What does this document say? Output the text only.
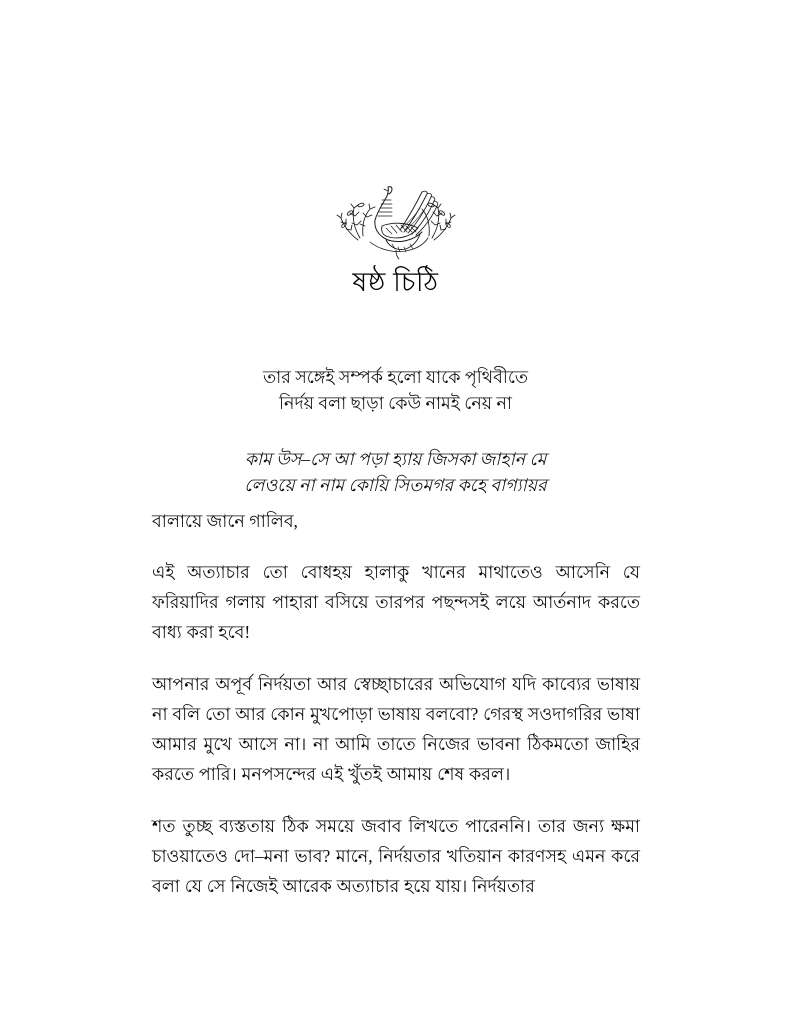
ষষ্ঠ চিঠি
তার সঙ্গেই সম্পর্ক হলো যাকে পৃথিবীতে
নির্দয় বলা ছাড়া কেউ নামই নেয় না
কাম উস–সে আ পড়া হ্যায় জিসকা জাহান মে
লেওয়ে না নাম কোয়ি সিতমগর কহে বাগ্যায়র

বালায়ে জানে গালিব,

এই অত্যাচার তো বোধহয় হালাকু খানের মাথাতেও আসেনি যে ফরিয়াদির গলায় পাহারা বসিয়ে তারপর পছন্দসই লয়ে আর্তনাদ করতে বাধ্য করা হবে!

আপনার অপূর্ব নির্দয়তা আর স্বেচ্ছাচারের অভিযোগ যদি কাব্যের ভাষায় না বলি তো আর কোন মুখপোড়া ভাষায় বলবো? গেরস্থ সওদাগরির ভাষা আমার মুখে আসে না। না আমি তাতে নিজের ভাবনা ঠিকমতো জাহির করতে পারি। মনপসন্দের এই খুঁতই আমায় শেষ করল।

শত তুচ্ছ ব্যস্ততায় ঠিক সময়ে জবাব লিখতে পারেননি। তার জন্য ক্ষমা চাওয়াতেও দো–মনা ভাব? মানে, নির্দয়তার খতিয়ান কারণসহ এমন করে বলা যে সে নিজেই আরেক অত্যাচার হয়ে যায়। নির্দয়তার
